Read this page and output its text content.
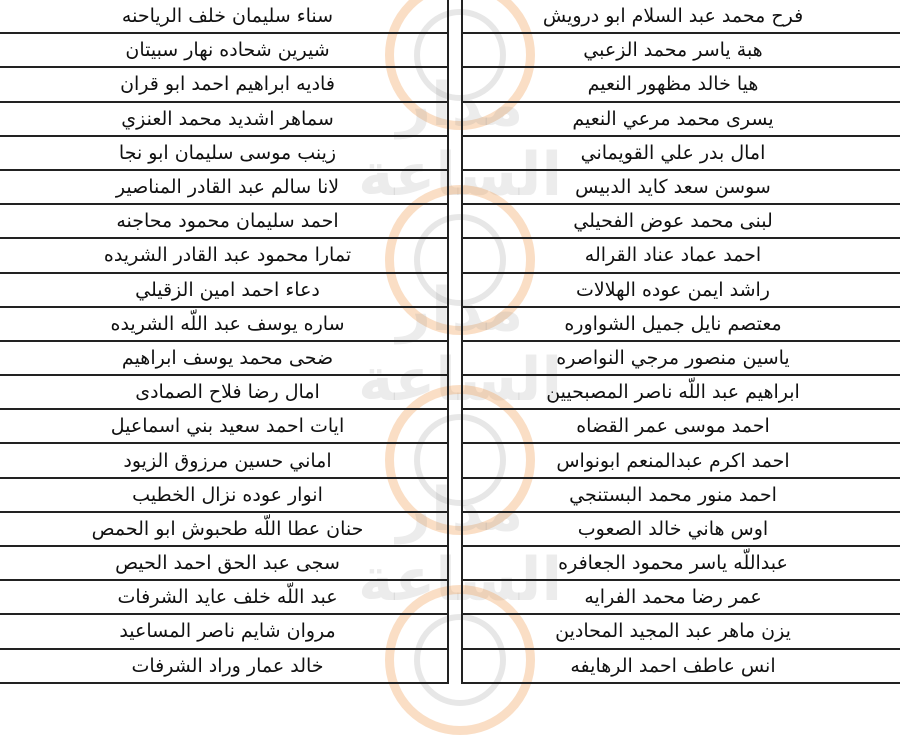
مدار الساعة
مدار الساعة
مدار الساعة
سناء سليمان خلف الرياحنه
شيرين شحاده نهار سبيتان
فاديه ابراهيم احمد ابو قران
سماهر اشديد محمد العنزي
زينب موسى سليمان ابو نجا
لانا سالم عبد القادر المناصير
احمد سليمان محمود محاجنه
تمارا محمود عبد القادر الشريده
دعاء احمد امين الزقيلي
ساره يوسف عبد اللّه الشريده
ضحى محمد يوسف ابراهيم
امال رضا فلاح الصمادى
ايات احمد سعيد بني اسماعيل
اماني حسين مرزوق الزيود
انوار عوده نزال الخطيب
حنان عطا اللّه طحبوش ابو الحمص
سجى عبد الحق احمد الحيص
عبد اللّه خلف عايد الشرفات
مروان شايم ناصر المساعيد
خالد عمار وراد الشرفات
فرح محمد عبد السلام ابو درويش
هبة ياسر محمد الزعبي
هيا خالد مظهور النعيم
يسرى محمد مرعي النعيم
امال بدر علي القويماني
سوسن سعد كايد الدبيس
لبنى محمد عوض الفحيلي
احمد عماد عناد القراله
راشد ايمن عوده الهلالات
معتصم نايل جميل الشواوره
ياسين منصور مرجي النواصره
ابراهيم عبد اللّه ناصر المصبحيين
احمد موسى عمر القضاه
احمد اكرم عبدالمنعم ابونواس
احمد منور محمد البستنجي
اوس هاني خالد الصعوب
عبداللّه ياسر محمود الجعافره
عمر رضا محمد الفرايه
يزن ماهر عبد المجيد المحادين
انس عاطف احمد الرهايفه
